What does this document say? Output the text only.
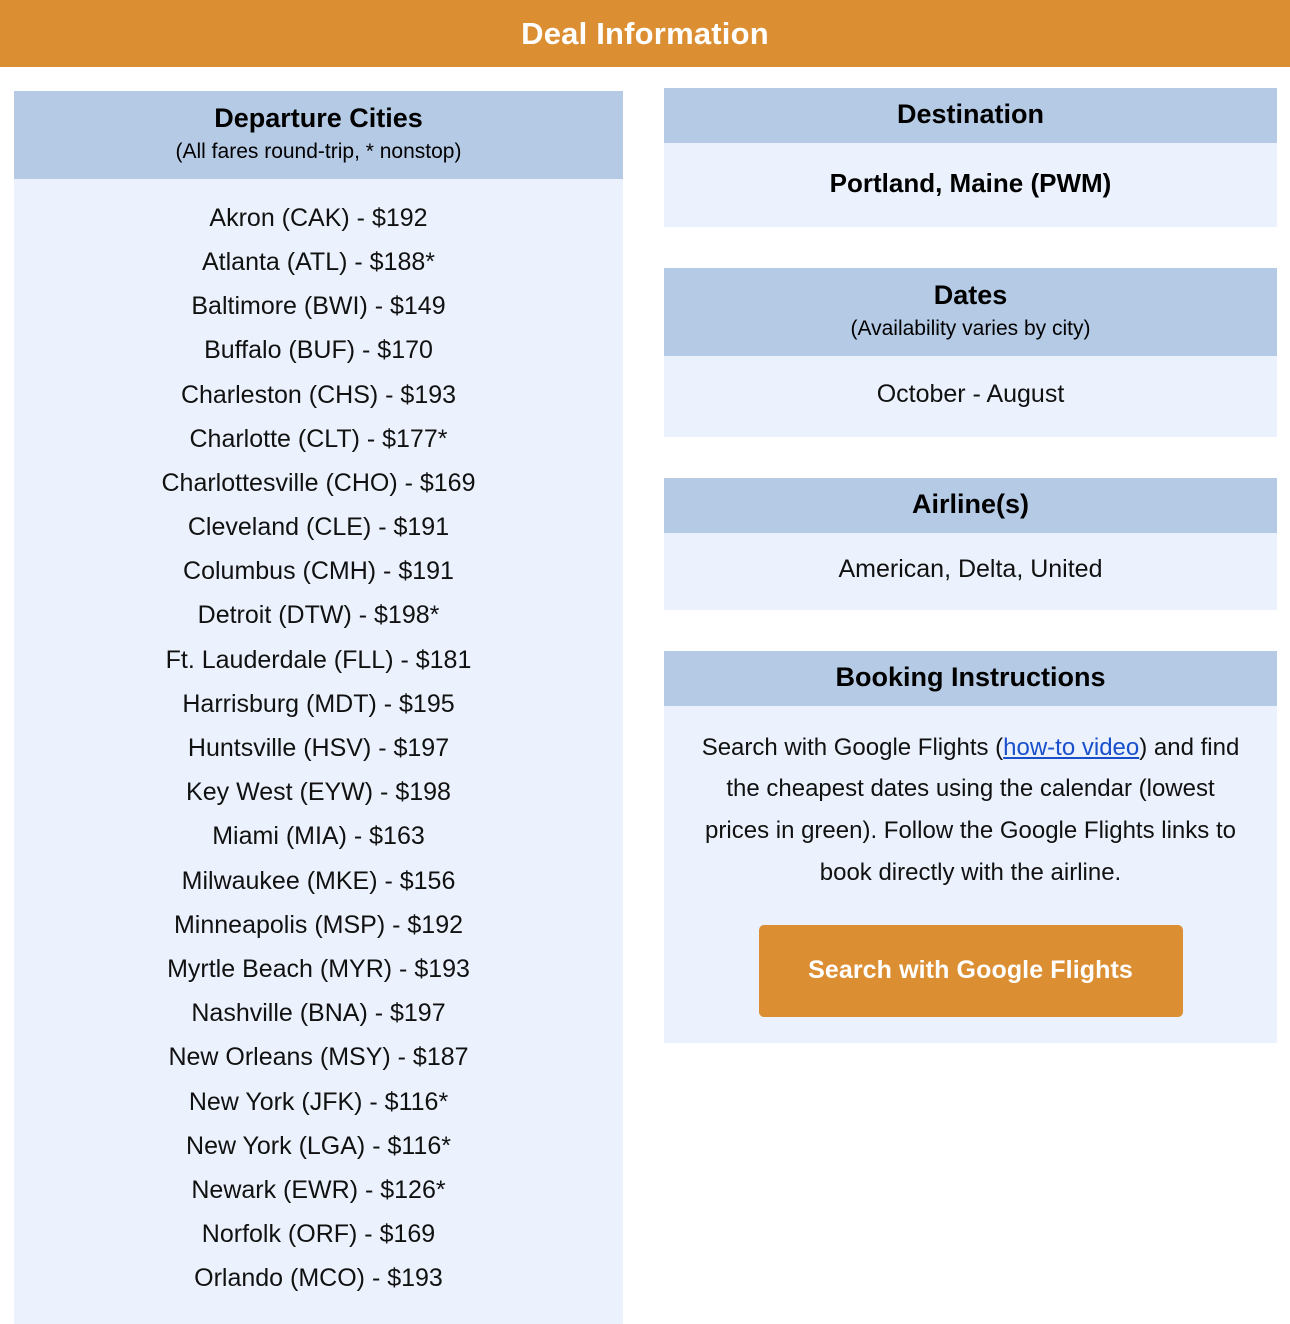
Deal Information
Departure Cities
(All fares round-trip, * nonstop)
Akron (CAK) - $192
Atlanta (ATL) - $188*
Baltimore (BWI) - $149
Buffalo (BUF) - $170
Charleston (CHS) - $193
Charlotte (CLT) - $177*
Charlottesville (CHO) - $169
Cleveland (CLE) - $191
Columbus (CMH) - $191
Detroit (DTW) - $198*
Ft. Lauderdale (FLL) - $181
Harrisburg (MDT) - $195
Huntsville (HSV) - $197
Key West (EYW) - $198
Miami (MIA) - $163
Milwaukee (MKE) - $156
Minneapolis (MSP) - $192
Myrtle Beach (MYR) - $193
Nashville (BNA) - $197
New Orleans (MSY) - $187
New York (JFK) - $116*
New York (LGA) - $116*
Newark (EWR) - $126*
Norfolk (ORF) - $169
Orlando (MCO) - $193
Destination
Portland, Maine (PWM)
Dates
(Availability varies by city)
October - August
Airline(s)
American, Delta, United
Booking Instructions

Search with Google Flights (how-to video) and find the cheapest dates using the calendar (lowest prices in green). Follow the Google Flights links to book directly with the airline.

Search with Google Flights
